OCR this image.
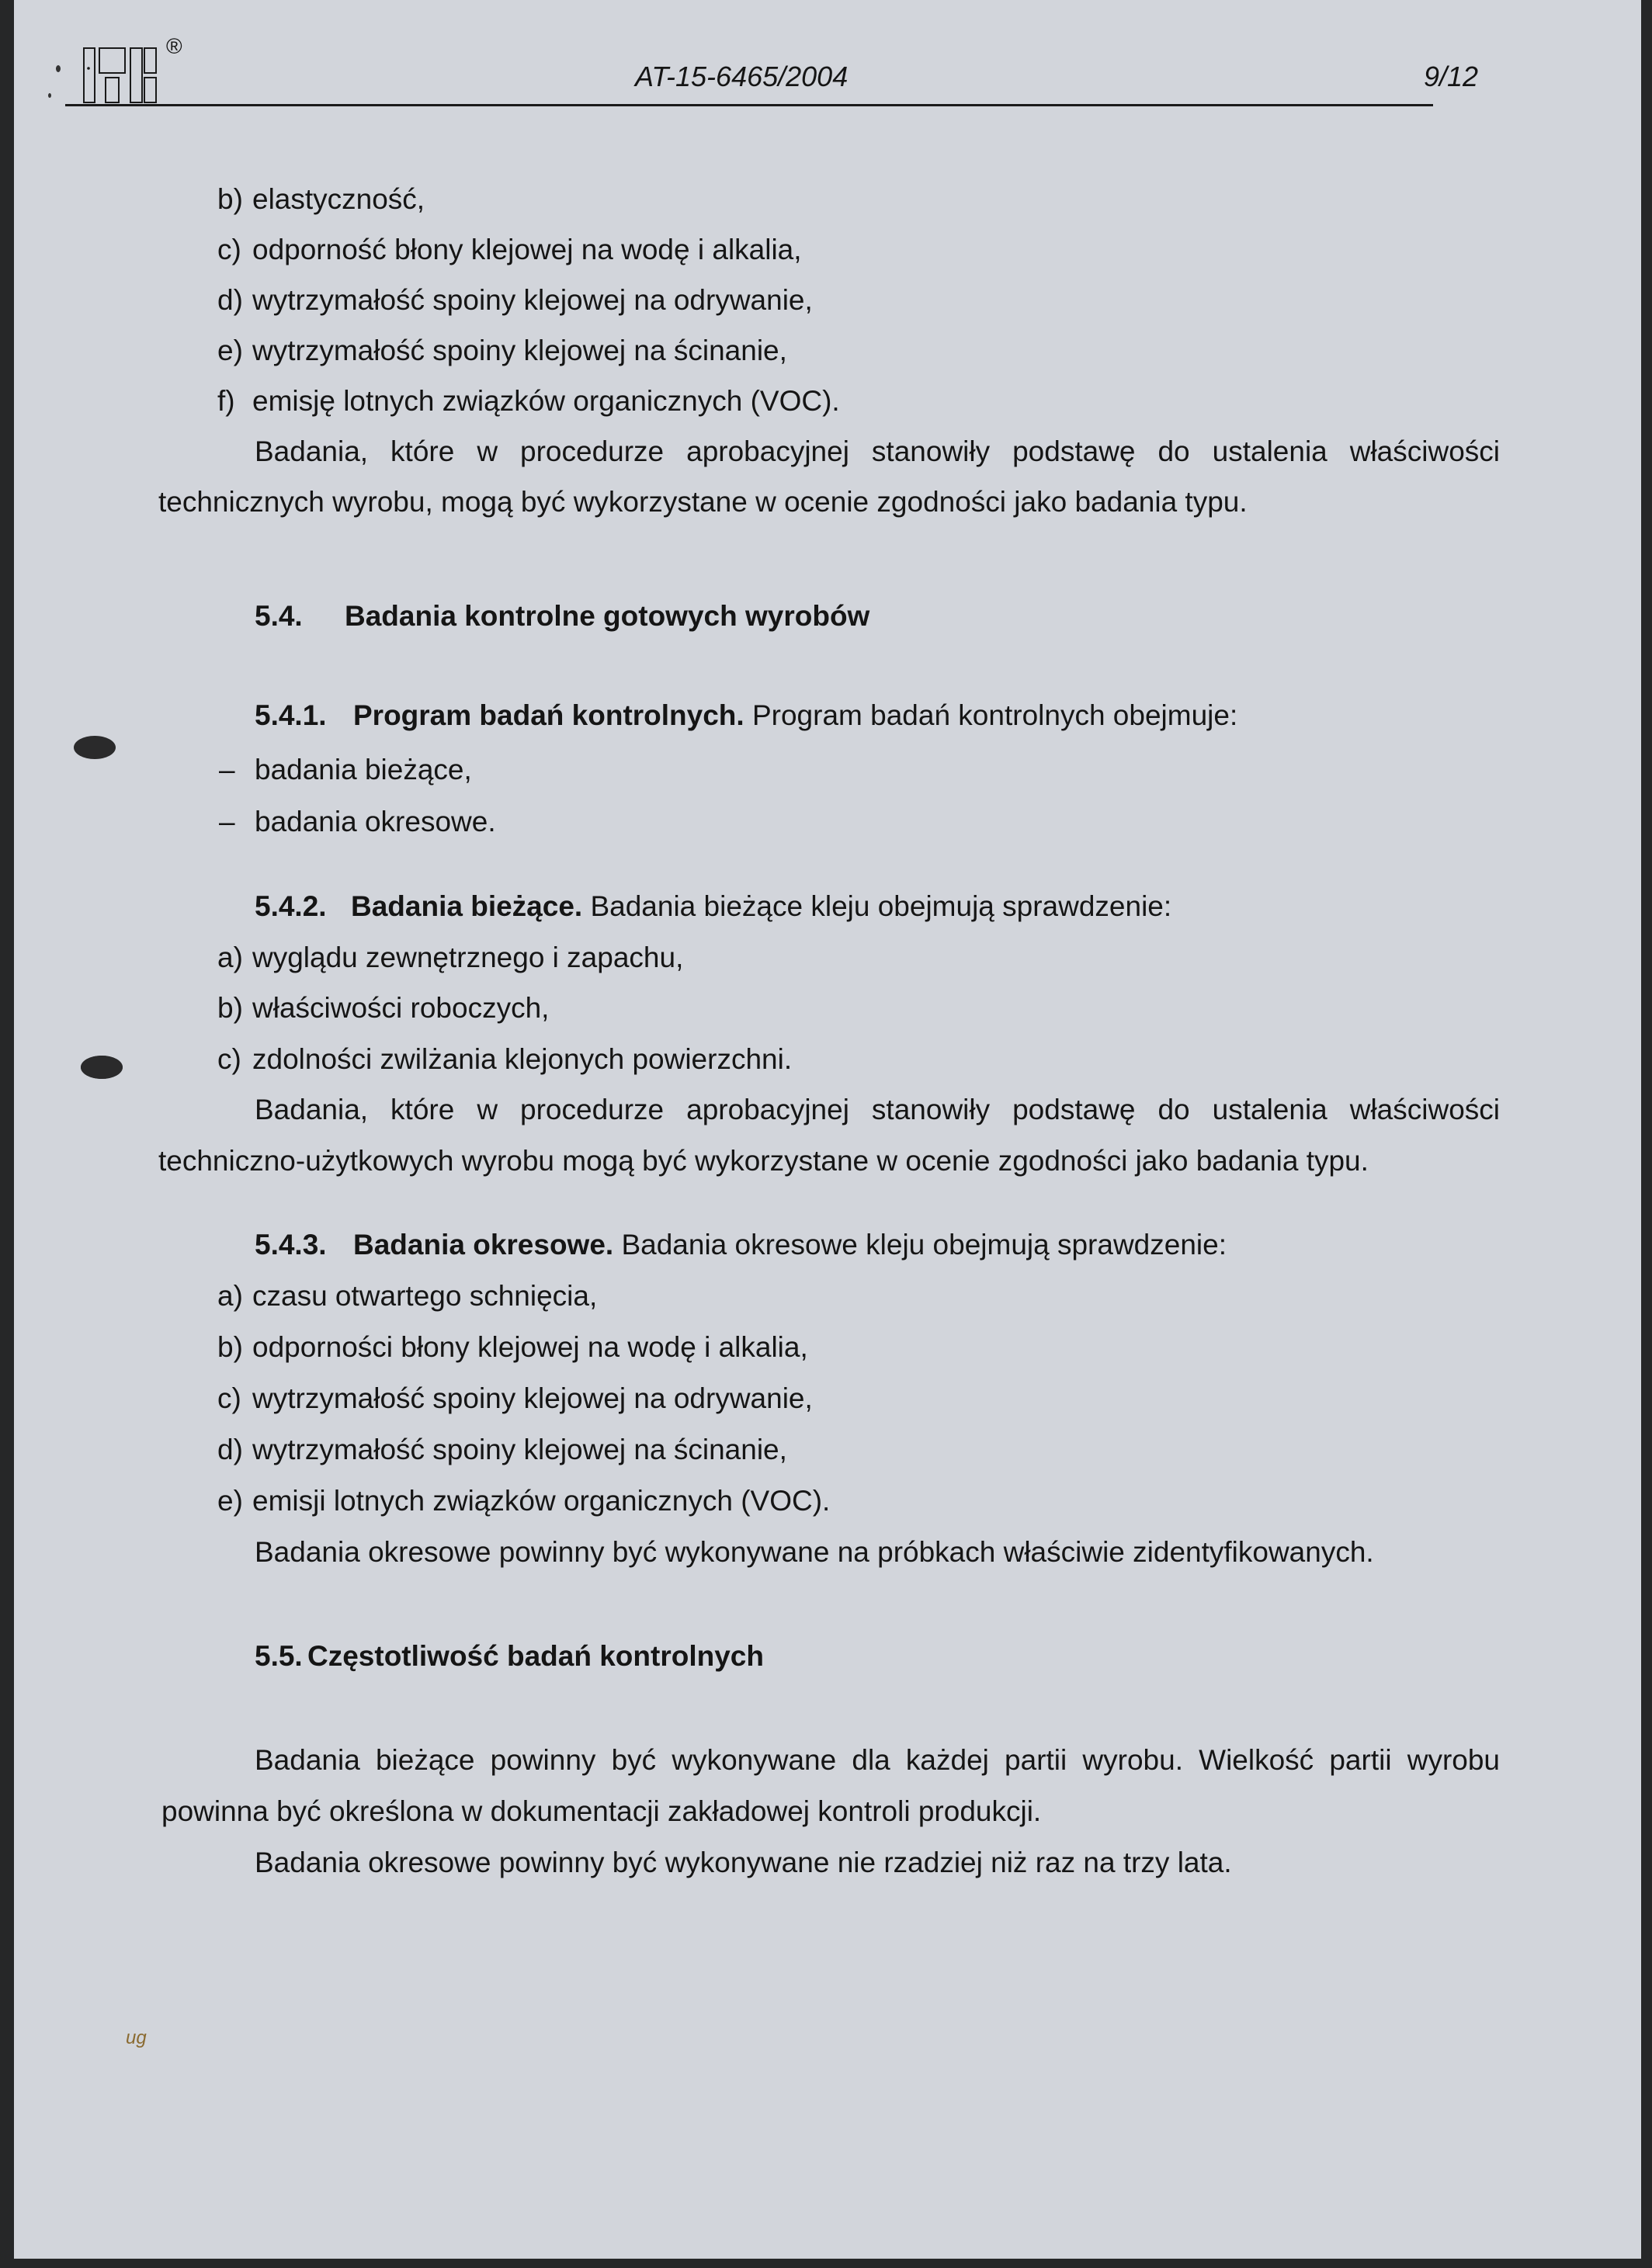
®
AT-15-6465/2004	9/12
b) elastyczność,
c) odporność błony klejowej na wodę i alkalia,
d) wytrzymałość spoiny klejowej na odrywanie,
e) wytrzymałość spoiny klejowej na ścinanie,
f) emisję lotnych związków organicznych (VOC).
Badania, które w procedurze aprobacyjnej stanowiły podstawę do ustalenia właściwości
technicznych wyrobu, mogą być wykorzystane w ocenie zgodności jako badania typu.
5.4. Badania kontrolne gotowych wyrobów
5.4.1. Program badań kontrolnych. Program badań kontrolnych obejmuje:
– badania bieżące,
– badania okresowe.
5.4.2. Badania bieżące. Badania bieżące kleju obejmują sprawdzenie:
a) wyglądu zewnętrznego i zapachu,
b) właściwości roboczych,
c) zdolności zwilżania klejonych powierzchni.
Badania, które w procedurze aprobacyjnej stanowiły podstawę do ustalenia właściwości
techniczno-użytkowych wyrobu mogą być wykorzystane w ocenie zgodności jako badania typu.
5.4.3. Badania okresowe. Badania okresowe kleju obejmują sprawdzenie:
a) czasu otwartego schnięcia,
b) odporności błony klejowej na wodę i alkalia,
c) wytrzymałość spoiny klejowej na odrywanie,
d) wytrzymałość spoiny klejowej na ścinanie,
e) emisji lotnych związków organicznych (VOC).
Badania okresowe powinny być wykonywane na próbkach właściwie zidentyfikowanych.
5.5. Częstotliwość badań kontrolnych
Badania bieżące powinny być wykonywane dla każdej partii wyrobu. Wielkość partii wyrobu
powinna być określona w dokumentacji zakładowej kontroli produkcji.
Badania okresowe powinny być wykonywane nie rzadziej niż raz na trzy lata.
ug
